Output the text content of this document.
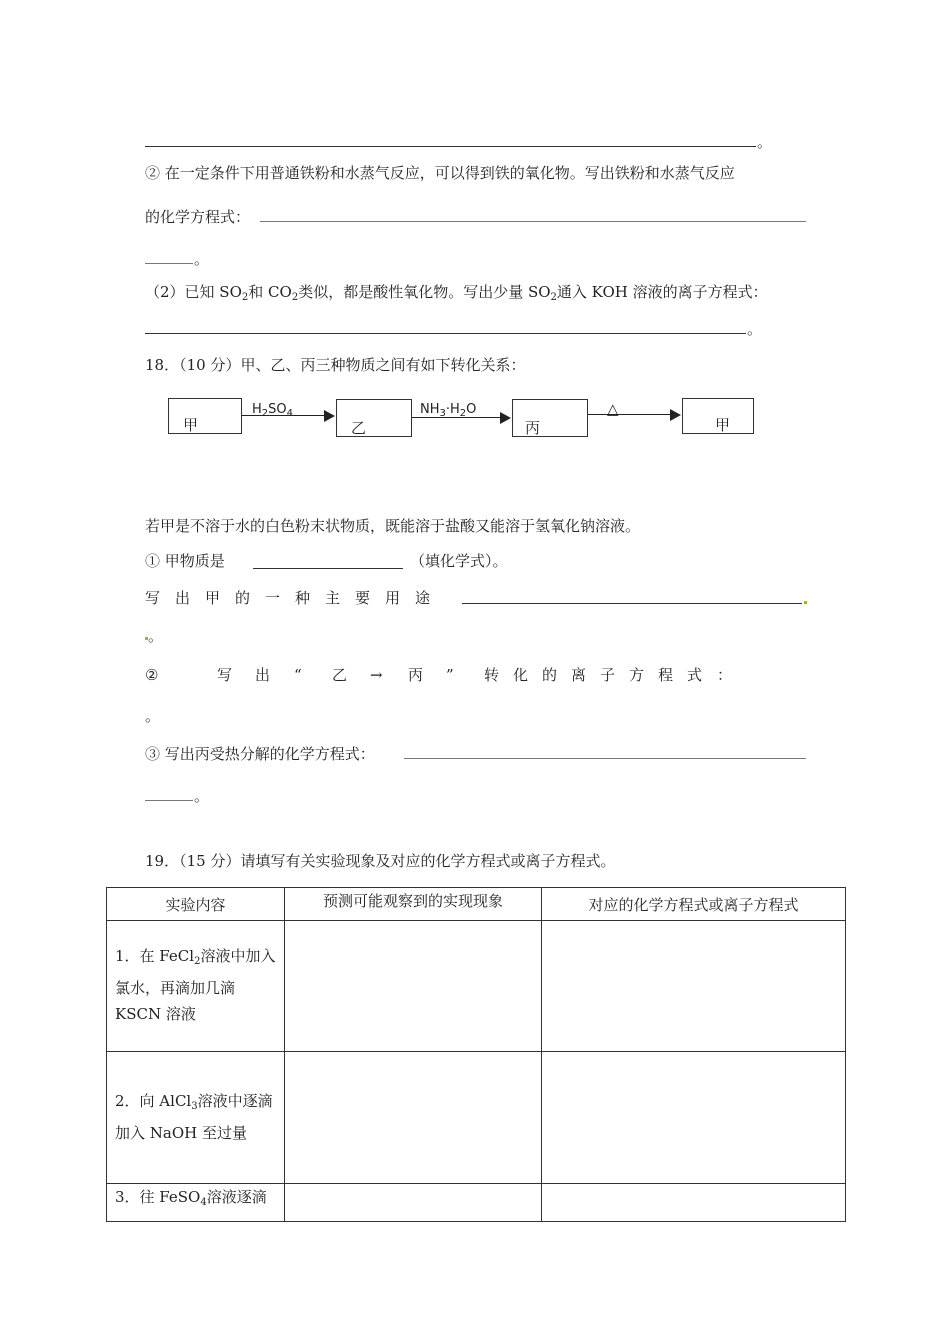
。
② 在一定条件下用普通铁粉和水蒸气反应，可以得到铁的氧化物。写出铁粉和水蒸气反应
的化学方程式：
。
（2）已知 $SO_2$和 $CO_2$类似，都是酸性氧化物。写出少量 $SO_2$通入 KOH 溶液的离子方程式：
。
18．（10 分）甲、乙、丙三种物质之间有如下转化关系：
甲
$H_2SO_4$
乙
$NH_3\cdot H_2O$
丙
△
甲
若甲是不溶于水的白色粉末状物质，既能溶于盐酸又能溶于氢氧化钠溶液。
① 甲物质是	（填化学式）。
写 出 甲 的 一 种 主 要 用 途
。
②	写 出 “ 乙 → 丙 ” 转 化 的 离 子 方 程 式 ：
。
③ 写出丙受热分解的化学方程式：
。
19．（15 分）请填写有关实验现象及对应的化学方程式或离子方程式。
实验内容	预测可能观察到的实现现象	对应的化学方程式或离子方程式

1．在 FeCl$_2$溶液中加入氯水，再滴加几滴 KSCN 溶液		

2．向 AlCl$_3$溶液中逐滴加入 NaOH 至过量		

3．往 FeSO$_4$溶液逐滴		
